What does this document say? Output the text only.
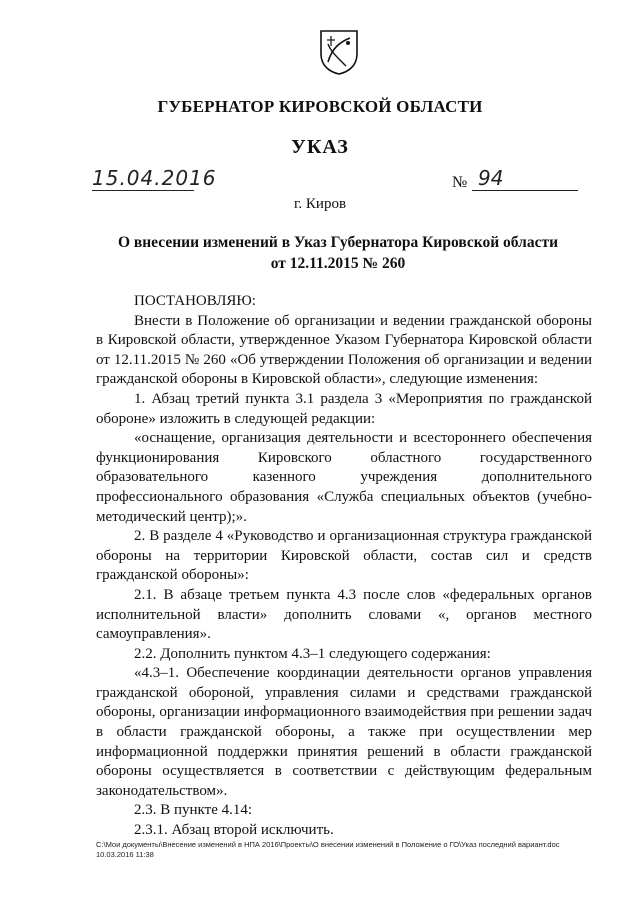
ГУБЕРНАТОР КИРОВСКОЙ ОБЛАСТИ
УКАЗ
15.04.2016	№ 94
г. Киров
О внесении изменений в Указ Губернатора Кировской области
от 12.11.2015 № 260

ПОСТАНОВЛЯЮ:

Внести в Положение об организации и ведении гражданской обороны в Кировской области, утвержденное Указом Губернатора Кировской области от 12.11.2015 № 260 «Об утверждении Положения об организации и ведении гражданской обороны в Кировской области», следующие изменения:

1. Абзац третий пункта 3.1 раздела 3 «Мероприятия по гражданской обороне» изложить в следующей редакции:

«оснащение, организация деятельности и всестороннего обеспечения функционирования Кировского областного государственного образовательного казенного учреждения дополнительного профессионального образования «Служба специальных объектов (учебно-методический центр);».

2. В разделе 4 «Руководство и организационная структура гражданской обороны на территории Кировской области, состав сил и средств гражданской обороны»:

2.1. В абзаце третьем пункта 4.3 после слов «федеральных органов исполнительной власти» дополнить словами «, органов местного самоуправления».

2.2. Дополнить пунктом 4.3–1 следующего содержания:

«4.3–1. Обеспечение координации деятельности органов управления гражданской обороной, управления силами и средствами гражданской обороны, организации информационного взаимодействия при решении задач в области гражданской обороны, а также при осуществлении мер информационной поддержки принятия решений в области гражданской обороны осуществляется в соответствии с действующим федеральным законодательством».

2.3. В пункте 4.14:

2.3.1. Абзац второй исключить.

С:\Мои документы\Внесение изменений в НПА 2016\Проекты\О внесении изменений в Положение о ГО\Указ последний вариант.doc
10.03.2016 11:38
